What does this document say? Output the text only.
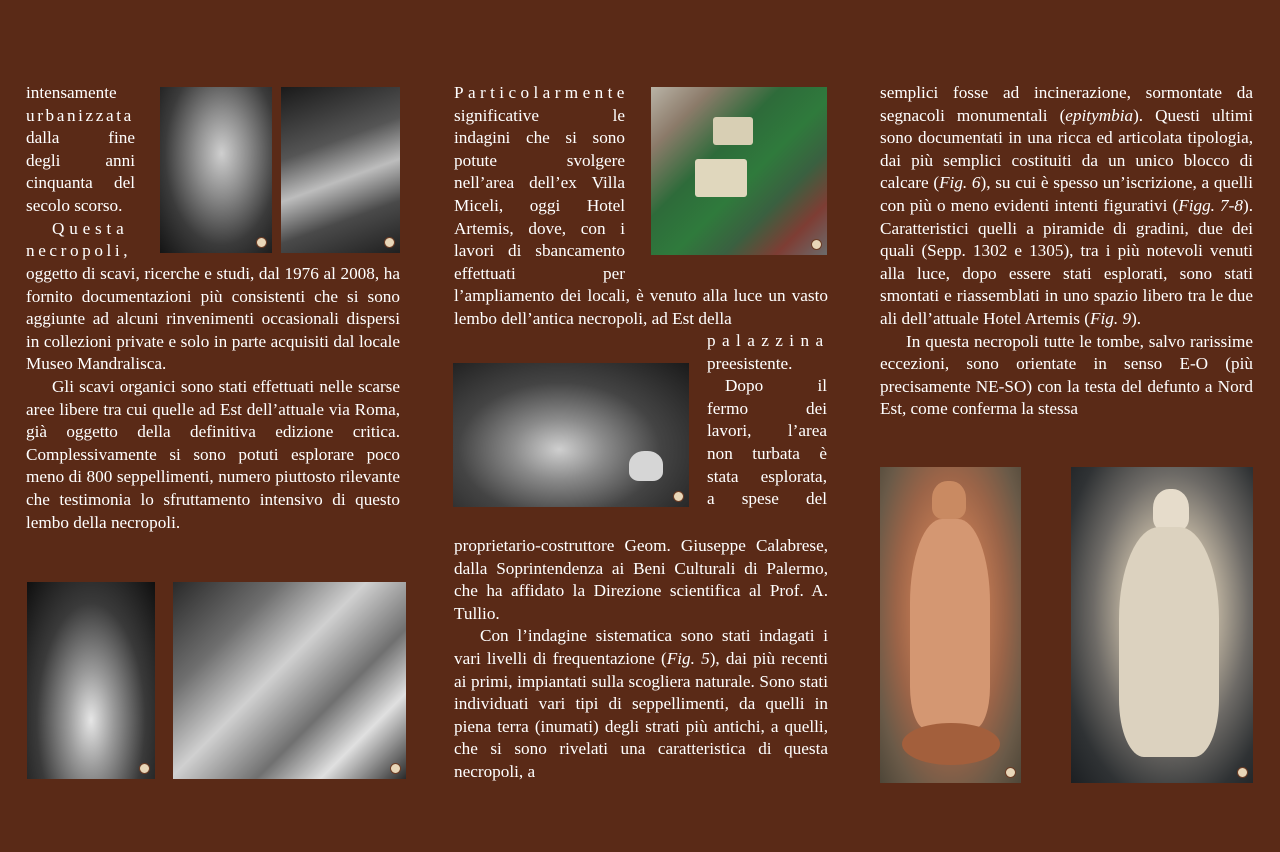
intensamente

urbanizzata

dalla fine

degli anni

cinquanta del

secolo scorso.

Questa

necropoli,

oggetto di scavi, ricerche e studi, dal 1976 al 2008, ha fornito documentazioni più consistenti che si sono aggiunte ad alcuni rinvenimenti occasionali dispersi in collezioni private e solo in parte acquisiti dal locale Museo Mandralisca.

Gli scavi organici sono stati effettuati nelle scarse aree libere tra cui quelle ad Est dell’attuale via Roma, già oggetto della definitiva edizione critica. Complessivamente si sono potuti esplorare poco meno di 800 seppellimenti, numero piuttosto rilevante che testimonia lo sfruttamento intensivo di questo lembo della necropoli.

Particolarmente

significative le

indagini che si sono

potute svolgere

nell’area dell’ex Villa

Miceli, oggi Hotel

Artemis, dove, con i

lavori di sbancamento

effettuati per

l’ampliamento dei locali, è venuto alla luce un vasto lembo dell’antica necropoli, ad Est della

palazzina

preesistente.

Dopo il

fermo dei

lavori, l’area

non turbata è

stata esplorata,

a spese del

proprietario-costruttore Geom. Giuseppe Calabrese, dalla Soprintendenza ai Beni Culturali di Palermo, che ha affidato la Direzione scientifica al Prof. A. Tullio.

Con l’indagine sistematica sono stati indagati i vari livelli di frequentazione (Fig. 5), dai più recenti ai primi, impiantati sulla scogliera naturale. Sono stati individuati vari tipi di seppellimenti, da quelli in piena terra (inumati) degli strati più antichi, a quelli, che si sono rivelati una caratteristica di questa necropoli, a

semplici fosse ad incinerazione, sormontate da segnacoli monumentali (epitymbia). Questi ultimi sono documentati in una ricca ed articolata tipologia, dai più semplici costituiti da un unico blocco di calcare (Fig. 6), su cui è spesso un’iscrizione, a quelli con più o meno evidenti intenti figurativi (Figg. 7-8). Caratteristici quelli a piramide di gradini, due dei quali (Sepp. 1302 e 1305), tra i più notevoli venuti alla luce, dopo essere stati esplorati, sono stati smontati e riassemblati in uno spazio libero tra le due ali dell’attuale Hotel Artemis (Fig. 9).

In questa necropoli tutte le tombe, salvo rarissime eccezioni, sono orientate in senso E-O (più precisamente NE-SO) con la testa del defunto a Nord Est, come conferma la stessa
